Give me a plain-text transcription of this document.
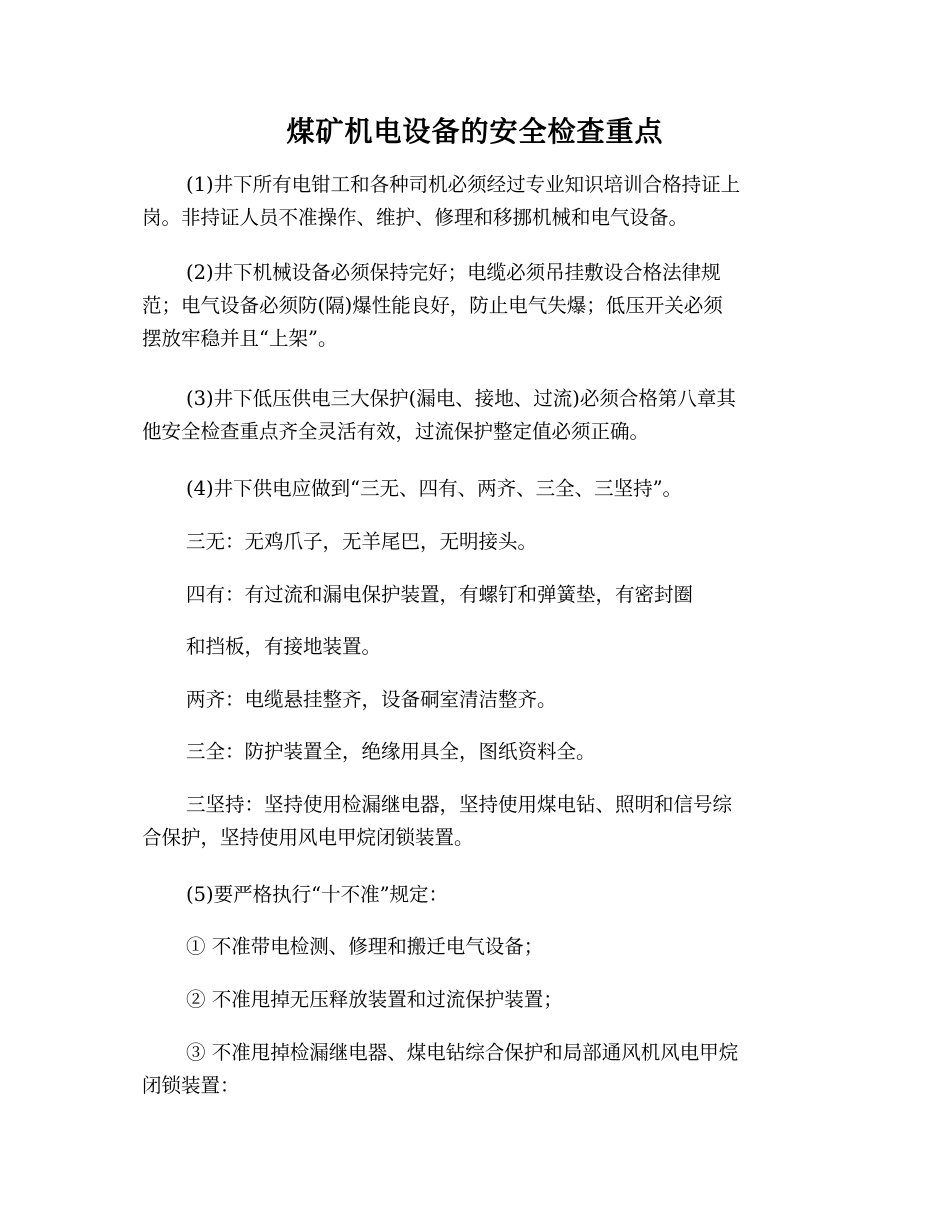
煤矿机电设备的安全检查重点

(1)井下所有电钳工和各种司机必须经过专业知识培训合格持证上
岗。非持证人员不准操作、维护、修理和移挪机械和电气设备。

(2)井下机械设备必须保持完好；电缆必须吊挂敷设合格法律规
范；电气设备必须防(隔)爆性能良好，防止电气失爆；低压开关必须
摆放牢稳并且“上架”。

(3)井下低压供电三大保护(漏电、接地、过流)必须合格第八章其
他安全检查重点齐全灵活有效，过流保护整定值必须正确。

(4)井下供电应做到“三无、四有、两齐、三全、三坚持”。

三无：无鸡爪子，无羊尾巴，无明接头。

四有：有过流和漏电保护装置，有螺钉和弹簧垫，有密封圈

和挡板，有接地装置。

两齐：电缆悬挂整齐，设备硐室清洁整齐。

三全：防护装置全，绝缘用具全，图纸资料全。

三坚持：坚持使用检漏继电器，坚持使用煤电钻、照明和信号综
合保护，坚持使用风电甲烷闭锁装置。

(5)要严格执行“十不准”规定：

① 不准带电检测、修理和搬迁电气设备；

② 不准甩掉无压释放装置和过流保护装置；

③ 不准甩掉检漏继电器、煤电钻综合保护和局部通风机风电甲烷
闭锁装置：
